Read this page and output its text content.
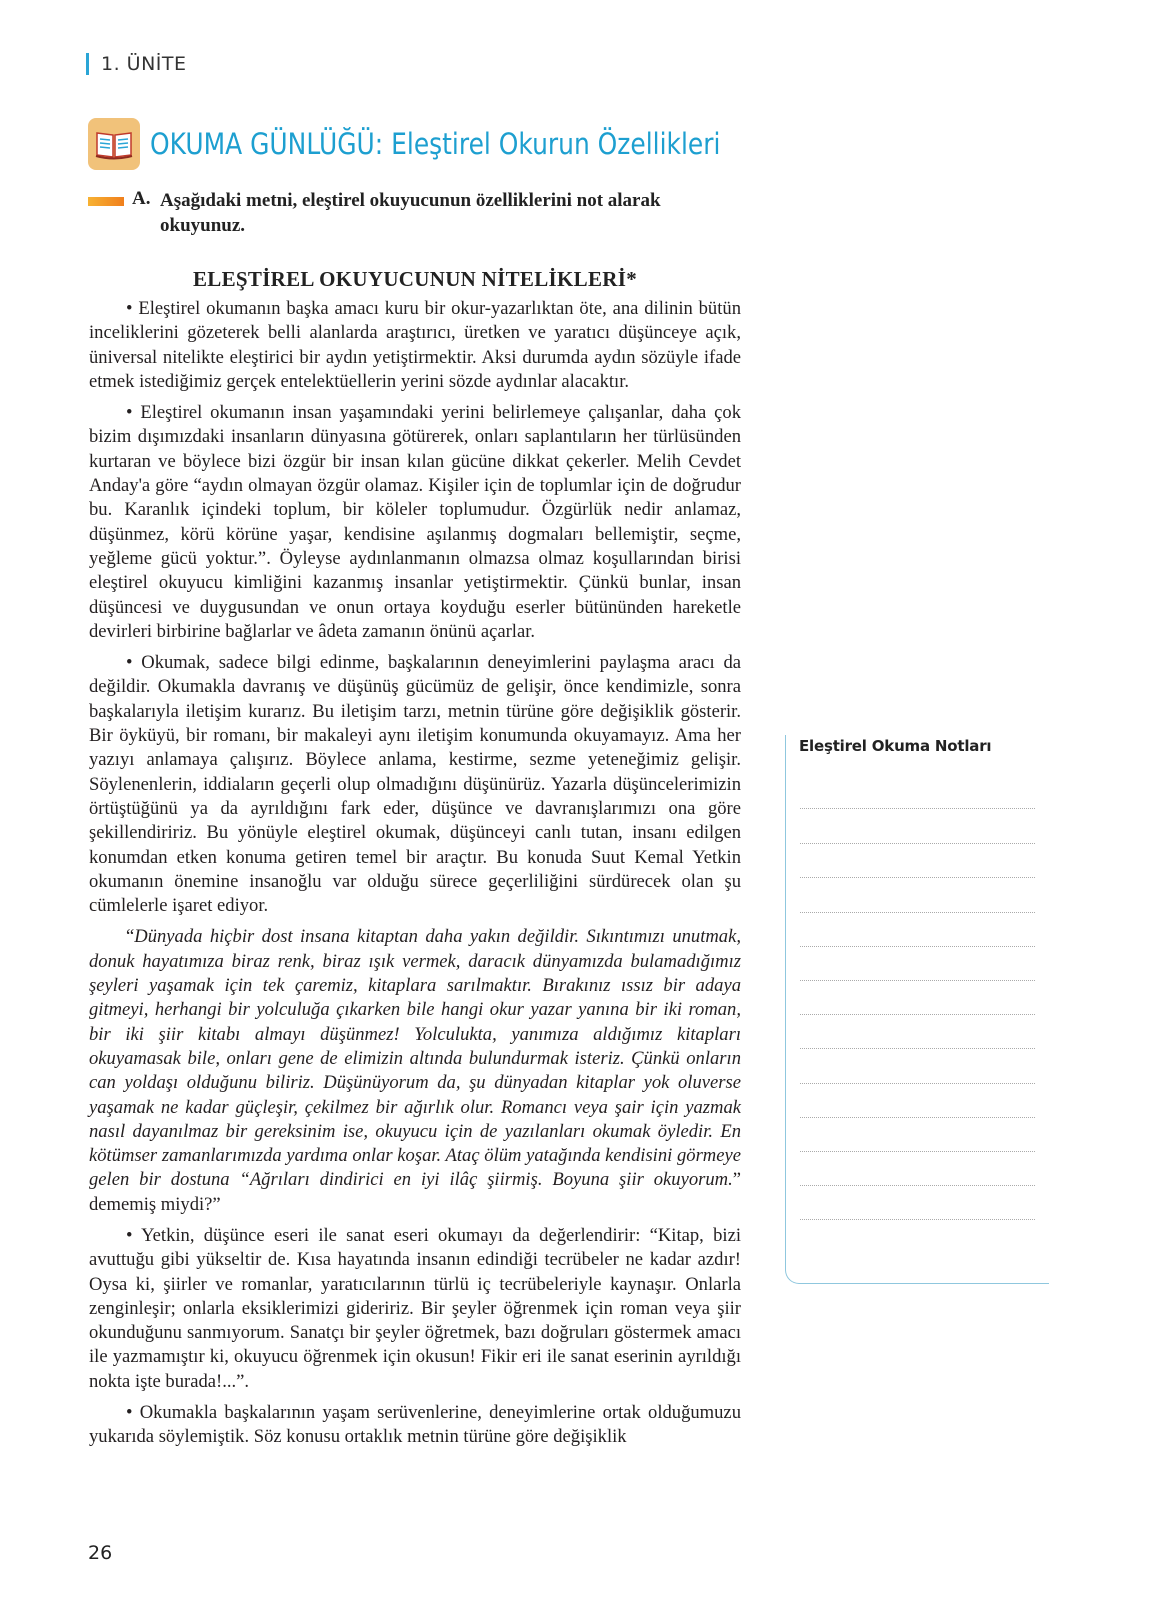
1. ÜNİTE
OKUMA GÜNLÜĞÜ: Eleştirel Okurun Özellikleri
A. Aşağıdaki metni, eleştirel okuyucunun özelliklerini not alarak okuyunuz.
ELEŞTİREL OKUYUCUNUN NİTELİKLERİ*

• Eleştirel okumanın başka amacı kuru bir okur-yazarlıktan öte, ana dilinin bütün inceliklerini gözeterek belli alanlarda araştırıcı, üretken ve yaratıcı düşünceye açık, üniversal nitelikte eleştirici bir aydın yetiştirmektir. Aksi durumda aydın sözüyle ifade etmek istediğimiz gerçek entelektüellerin yerini sözde aydınlar alacaktır.

• Eleştirel okumanın insan yaşamındaki yerini belirlemeye çalışanlar, daha çok bizim dışımızdaki insanların dünyasına götürerek, onları saplantıların her türlüsünden kurtaran ve böylece bizi özgür bir insan kılan gücüne dikkat çekerler. Melih Cevdet Anday'a göre “aydın olmayan özgür olamaz. Kişiler için de toplumlar için de doğrudur bu. Karanlık içindeki toplum, bir köleler toplumudur. Özgürlük nedir anlamaz, düşünmez, körü körüne yaşar, kendisine aşılanmış dogmaları bellemiştir, seçme, yeğleme gücü yoktur.”. Öyleyse aydınlanmanın olmazsa olmaz koşullarından birisi eleştirel okuyucu kimliğini kazanmış insanlar yetiştirmektir. Çünkü bunlar, insan düşüncesi ve duygusundan ve onun ortaya koyduğu eserler bütününden hareketle devirleri birbirine bağlarlar ve âdeta zamanın önünü açarlar.

• Okumak, sadece bilgi edinme, başkalarının deneyimlerini paylaşma aracı da değildir. Okumakla davranış ve düşünüş gücümüz de gelişir, önce kendimizle, sonra başkalarıyla iletişim kurarız. Bu iletişim tarzı, metnin türüne göre değişiklik gösterir. Bir öyküyü, bir romanı, bir makaleyi aynı iletişim konumunda okuyamayız. Ama her yazıyı anlamaya çalışırız. Böylece anlama, kestirme, sezme yeteneğimiz gelişir. Söylenenlerin, iddiaların geçerli olup olmadığını düşünürüz. Yazarla düşüncelerimizin örtüştüğünü ya da ayrıldığını fark eder, düşünce ve davranışlarımızı ona göre şekillendiririz. Bu yönüyle eleştirel okumak, düşünceyi canlı tutan, insanı edilgen konumdan etken konuma getiren temel bir araçtır. Bu konuda Suut Kemal Yetkin okumanın önemine insanoğlu var olduğu sürece geçerliliğini sürdürecek olan şu cümlelerle işaret ediyor.

“Dünyada hiçbir dost insana kitaptan daha yakın değildir. Sıkıntımızı unutmak, donuk hayatımıza biraz renk, biraz ışık vermek, daracık dünyamızda bulamadığımız şeyleri yaşamak için tek çaremiz, kitaplara sarılmaktır. Bırakınız ıssız bir adaya gitmeyi, herhangi bir yolculuğa çıkarken bile hangi okur yazar yanına bir iki roman, bir iki şiir kitabı almayı düşünmez! Yolculukta, yanımıza aldığımız kitapları okuyamasak bile, onları gene de elimizin altında bulundurmak isteriz. Çünkü onların can yoldaşı olduğunu biliriz. Düşünüyorum da, şu dünyadan kitaplar yok oluverse yaşamak ne kadar güçleşir, çekilmez bir ağırlık olur. Romancı veya şair için yazmak nasıl dayanılmaz bir gereksinim ise, okuyucu için de yazılanları okumak öyledir. En kötümser zamanlarımızda yardıma onlar koşar. Ataç ölüm yatağında kendisini görmeye gelen bir dostuna “Ağrıları dindirici en iyi ilâç şiirmiş. Boyuna şiir okuyorum.” dememiş miydi?”

• Yetkin, düşünce eseri ile sanat eseri okumayı da değerlendirir: “Kitap, bizi avuttuğu gibi yükseltir de. Kısa hayatında insanın edindiği tecrübeler ne kadar azdır! Oysa ki, şiirler ve romanlar, yaratıcılarının türlü iç tecrübeleriyle kaynaşır. Onlarla zenginleşir; onlarla eksiklerimizi gideririz. Bir şeyler öğrenmek için roman veya şiir okunduğunu sanmıyorum. Sanatçı bir şeyler öğretmek, bazı doğruları göstermek amacı ile yazmamıştır ki, okuyucu öğrenmek için okusun! Fikir eri ile sanat eserinin ayrıldığı nokta işte burada!...”.

• Okumakla başkalarının yaşam serüvenlerine, deneyimlerine ortak olduğumuzu yukarıda söylemiştik. Söz konusu ortaklık metnin türüne göre değişiklik

Eleştirel Okuma Notları
26
